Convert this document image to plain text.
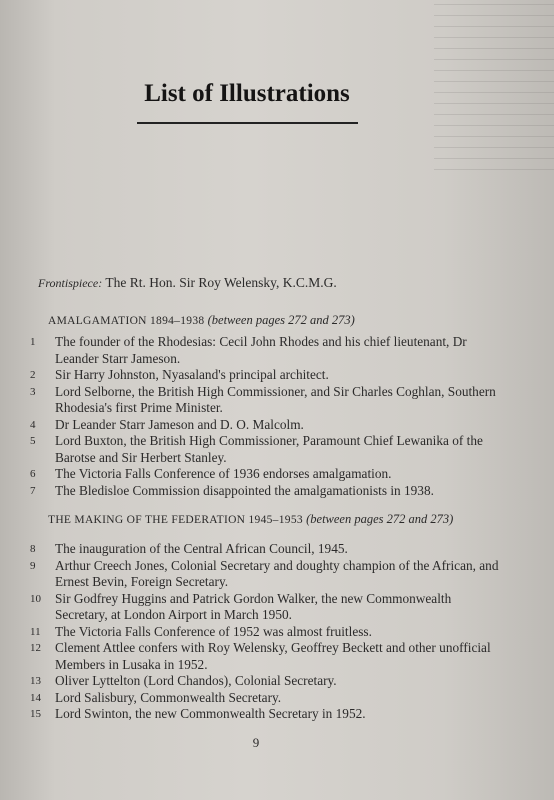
List of Illustrations
Frontispiece: The Rt. Hon. Sir Roy Welensky, K.C.M.G.
AMALGAMATION 1894–1938 (between pages 272 and 273)
1	The founder of the Rhodesias: Cecil John Rhodes and his chief lieutenant, Dr Leander Starr Jameson.
2	Sir Harry Johnston, Nyasaland's principal architect.
3	Lord Selborne, the British High Commissioner, and Sir Charles Coghlan, Southern Rhodesia's first Prime Minister.
4	Dr Leander Starr Jameson and D. O. Malcolm.
5	Lord Buxton, the British High Commissioner, Paramount Chief Lewanika of the Barotse and Sir Herbert Stanley.
6	The Victoria Falls Conference of 1936 endorses amalgamation.
7	The Bledisloe Commission disappointed the amalgamationists in 1938.
THE MAKING OF THE FEDERATION 1945–1953 (between pages 272 and 273)
8	The inauguration of the Central African Council, 1945.
9	Arthur Creech Jones, Colonial Secretary and doughty champion of the African, and Ernest Bevin, Foreign Secretary.
10	Sir Godfrey Huggins and Patrick Gordon Walker, the new Commonwealth Secretary, at London Airport in March 1950.
11	The Victoria Falls Conference of 1952 was almost fruitless.
12	Clement Attlee confers with Roy Welensky, Geoffrey Beckett and other unofficial Members in Lusaka in 1952.
13	Oliver Lyttelton (Lord Chandos), Colonial Secretary.
14	Lord Salisbury, Commonwealth Secretary.
15	Lord Swinton, the new Commonwealth Secretary in 1952.
9
